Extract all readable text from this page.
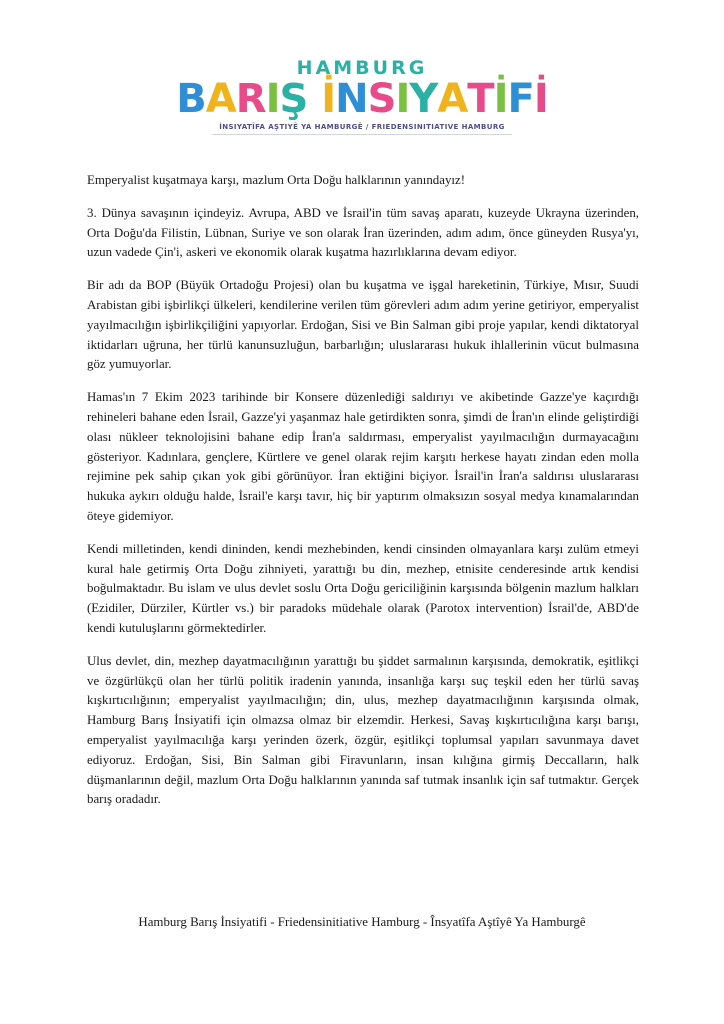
HAMBURG
BARIŞ İNSIYATİFİ
İNSIYATÎFA AŞTIYÊ YA HAMBURGÊ / FRIEDENSINITIATIVE HAMBURG

Emperyalist kuşatmaya karşı, mazlum Orta Doğu halklarının yanındayız!

3. Dünya savaşının içindeyiz. Avrupa, ABD ve İsrail'in tüm savaş aparatı, kuzeyde Ukrayna üzerinden, Orta Doğu'da Filistin, Lübnan, Suriye ve son olarak İran üzerinden, adım adım, önce güneyden Rusya'yı, uzun vadede Çin'i, askeri ve ekonomik olarak kuşatma hazırlıklarına devam ediyor.

Bir adı da BOP (Büyük Ortadoğu Projesi) olan bu kuşatma ve işgal hareketinin, Türkiye, Mısır, Suudi Arabistan gibi işbirlikçi ülkeleri, kendilerine verilen tüm görevleri adım adım yerine getiriyor, emperyalist yayılmacılığın işbirlikçiliğini yapıyorlar. Erdoğan, Sisi ve Bin Salman gibi proje yapılar, kendi diktatoryal iktidarları uğruna, her türlü kanunsuzluğun, barbarlığın; uluslararası hukuk ihlallerinin vücut bulmasına göz yumuyorlar.

Hamas'ın 7 Ekim 2023 tarihinde bir Konsere düzenlediği saldırıyı ve akibetinde Gazze'ye kaçırdığı rehineleri bahane eden İsrail, Gazze'yi yaşanmaz hale getirdikten sonra, şimdi de İran'ın elinde geliştirdiği olası nükleer teknolojisini bahane edip İran'a saldırması, emperyalist yayılmacılığın durmayacağını gösteriyor. Kadınlara, gençlere, Kürtlere ve genel olarak rejim karşıtı herkese hayatı zindan eden molla rejimine pek sahip çıkan yok gibi görünüyor. İran ektiğini biçiyor. İsrail'in İran'a saldırısı uluslararası hukuka aykırı olduğu halde, İsrail'e karşı tavır, hiç bir yaptırım olmaksızın sosyal medya kınamalarından öteye gidemiyor.

Kendi milletinden, kendi dininden, kendi mezhebinden, kendi cinsinden olmayanlara karşı zulüm etmeyi kural hale getirmiş Orta Doğu zihniyeti, yarattığı bu din, mezhep, etnisite cenderesinde artık kendisi boğulmaktadır. Bu islam ve ulus devlet soslu Orta Doğu gericiliğinin karşısında bölgenin mazlum halkları (Ezidiler, Dürziler, Kürtler vs.) bir paradoks müdehale olarak (Parotox intervention) İsrail'de, ABD'de kendi kutuluşlarını görmektedirler.

Ulus devlet, din, mezhep dayatmacılığının yarattığı bu şiddet sarmalının karşısında, demokratik, eşitlikçi ve özgürlükçü olan her türlü politik iradenin yanında, insanlığa karşı suç teşkil eden her türlü savaş kışkırtıcılığının; emperyalist yayılmacılığın; din, ulus, mezhep dayatmacılığının karşısında olmak, Hamburg Barış İnsiyatifi için olmazsa olmaz bir elzemdir. Herkesi, Savaş kışkırtıcılığına karşı barışı, emperyalist yayılmacılığa karşı yerinden özerk, özgür, eşitlikçi toplumsal yapıları savunmaya davet ediyoruz. Erdoğan, Sisi, Bin Salman gibi Firavunların, insan kılığına girmiş Deccalların, halk düşmanlarının değil, mazlum Orta Doğu halklarının yanında saf tutmak insanlık için saf tutmaktır. Gerçek barış oradadır.

Hamburg Barış İnsiyatifi - Friedensinitiative Hamburg - Însyatîfa Aştîyê Ya Hamburgê
